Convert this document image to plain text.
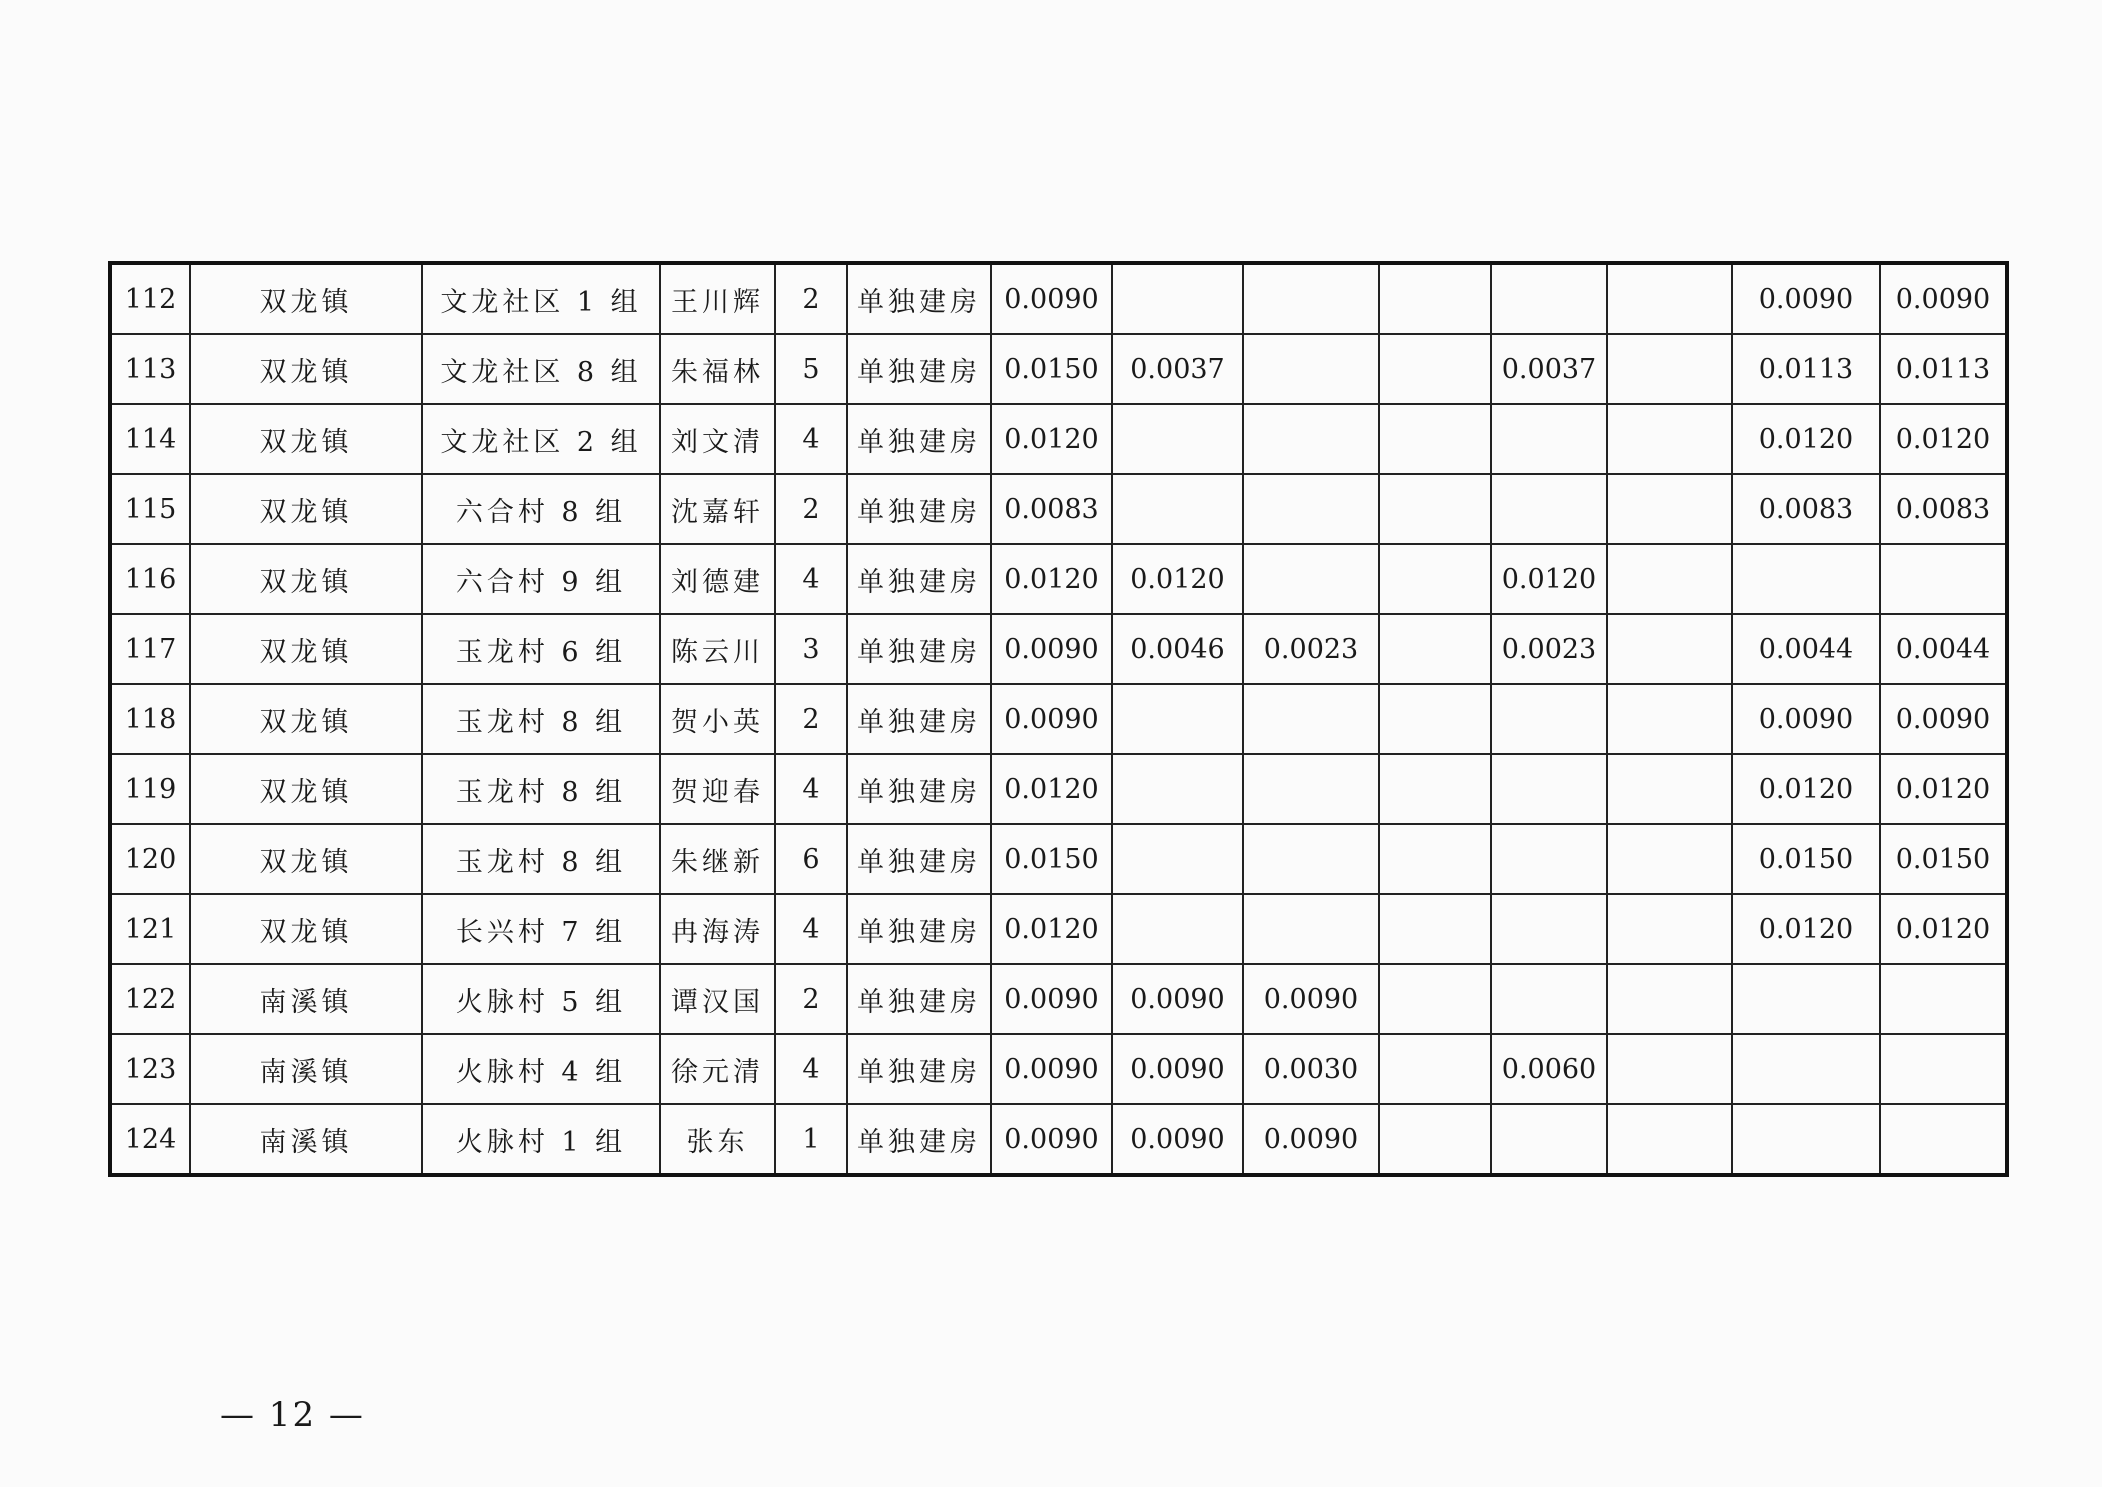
112	双龙镇	文龙社区 1 组	王川辉	2	单独建房	0.0090						0.0090	0.0090
113	双龙镇	文龙社区 8 组	朱福林	5	单独建房	0.0150	0.0037			0.0037		0.0113	0.0113
114	双龙镇	文龙社区 2 组	刘文清	4	单独建房	0.0120						0.0120	0.0120
115	双龙镇	六合村 8 组	沈嘉轩	2	单独建房	0.0083						0.0083	0.0083
116	双龙镇	六合村 9 组	刘德建	4	单独建房	0.0120	0.0120			0.0120			
117	双龙镇	玉龙村 6 组	陈云川	3	单独建房	0.0090	0.0046	0.0023		0.0023		0.0044	0.0044
118	双龙镇	玉龙村 8 组	贺小英	2	单独建房	0.0090						0.0090	0.0090
119	双龙镇	玉龙村 8 组	贺迎春	4	单独建房	0.0120						0.0120	0.0120
120	双龙镇	玉龙村 8 组	朱继新	6	单独建房	0.0150						0.0150	0.0150
121	双龙镇	长兴村 7 组	冉海涛	4	单独建房	0.0120						0.0120	0.0120
122	南溪镇	火脉村 5 组	谭汉国	2	单独建房	0.0090	0.0090	0.0090					
123	南溪镇	火脉村 4 组	徐元清	4	单独建房	0.0090	0.0090	0.0030		0.0060			
124	南溪镇	火脉村 1 组	张东	1	单独建房	0.0090	0.0090	0.0090					
— 12 —
